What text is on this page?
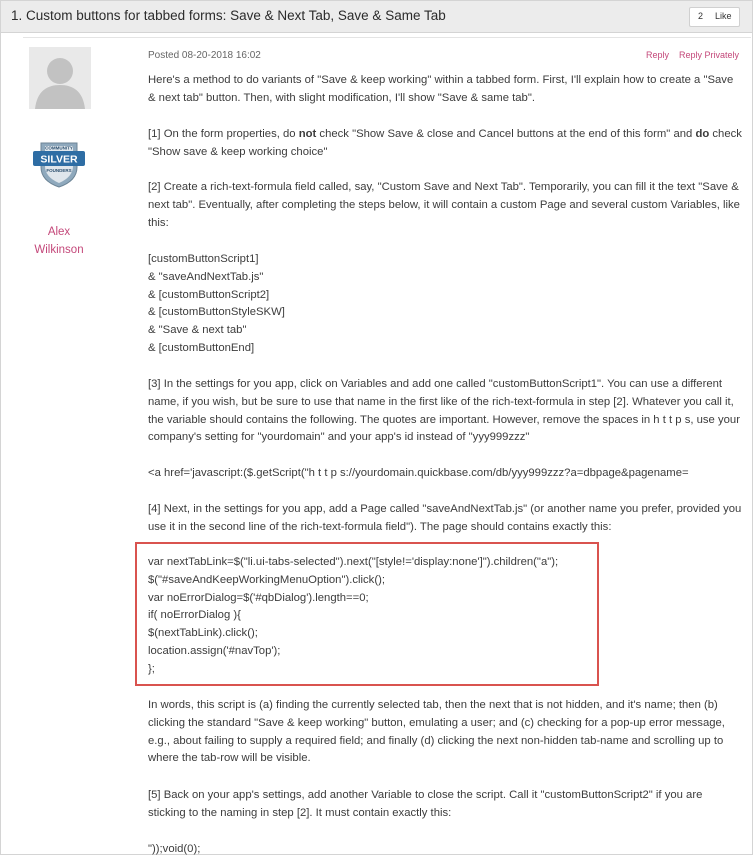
1. Custom buttons for tabbed forms: Save & Next Tab, Save & Same Tab	2 Like
SILVER
COMMUNITY
FOUNDERS
Alex
Wilkinson
Posted 08-20-2018 16:02	Reply Reply Privately

Here's a method to do variants of "Save & keep working" within a tabbed form. First, I'll explain how to create a "Save & next tab" button. Then, with slight modification, I'll show "Save & same tab".

[1] On the form properties, do not check "Show Save & close and Cancel buttons at the end of this form" and do check "Show save & keep working choice"

[2] Create a rich-text-formula field called, say, "Custom Save and Next Tab". Temporarily, you can fill it the text "Save & next tab". Eventually, after completing the steps below, it will contain a custom Page and several custom Variables, like this:

[customButtonScript1]
& "saveAndNextTab.js"
& [customButtonScript2]
& [customButtonStyleSKW]
& "Save & next tab"
& [customButtonEnd]

[3] In the settings for you app, click on Variables and add one called "customButtonScript1". You can use a different name, if you wish, but be sure to use that name in the first like of the rich-text-formula in step [2]. Whatever you call it, the variable should contains the following. The quotes are important. However, remove the spaces in h t t p s, use your company's setting for "yourdomain" and your app's id instead of "yyy999zzz"

<a href='javascript:($.getScript("h t t p s://yourdomain.quickbase.com/db/yyy999zzz?a=dbpage&pagename=

[4] Next, in the settings for you app, add a Page called "saveAndNextTab.js" (or another name you prefer, provided you use it in the second line of the rich-text-formula field"). The page should contains exactly this:

var nextTabLink=$("li.ui-tabs-selected").next("[style!='display:none']").children("a");
$("#saveAndKeepWorkingMenuOption").click();
var noErrorDialog=$('#qbDialog').length==0;
if( noErrorDialog ){
$(nextTabLink).click();
location.assign('#navTop');
};

In words, this script is (a) finding the currently selected tab, then the next that is not hidden, and it's name; then (b) clicking the standard "Save & keep working" button, emulating a user; and (c) checking for a pop-up error message, e.g., about failing to supply a required field; and finally (d) clicking the next non-hidden tab-name and scrolling up to where the tab-row will be visible.

[5] Back on your app's settings, add another Variable to close the script. Call it "customButtonScript2" if you are sticking to the naming in step [2]. It must contain exactly this:

"));void(0);
